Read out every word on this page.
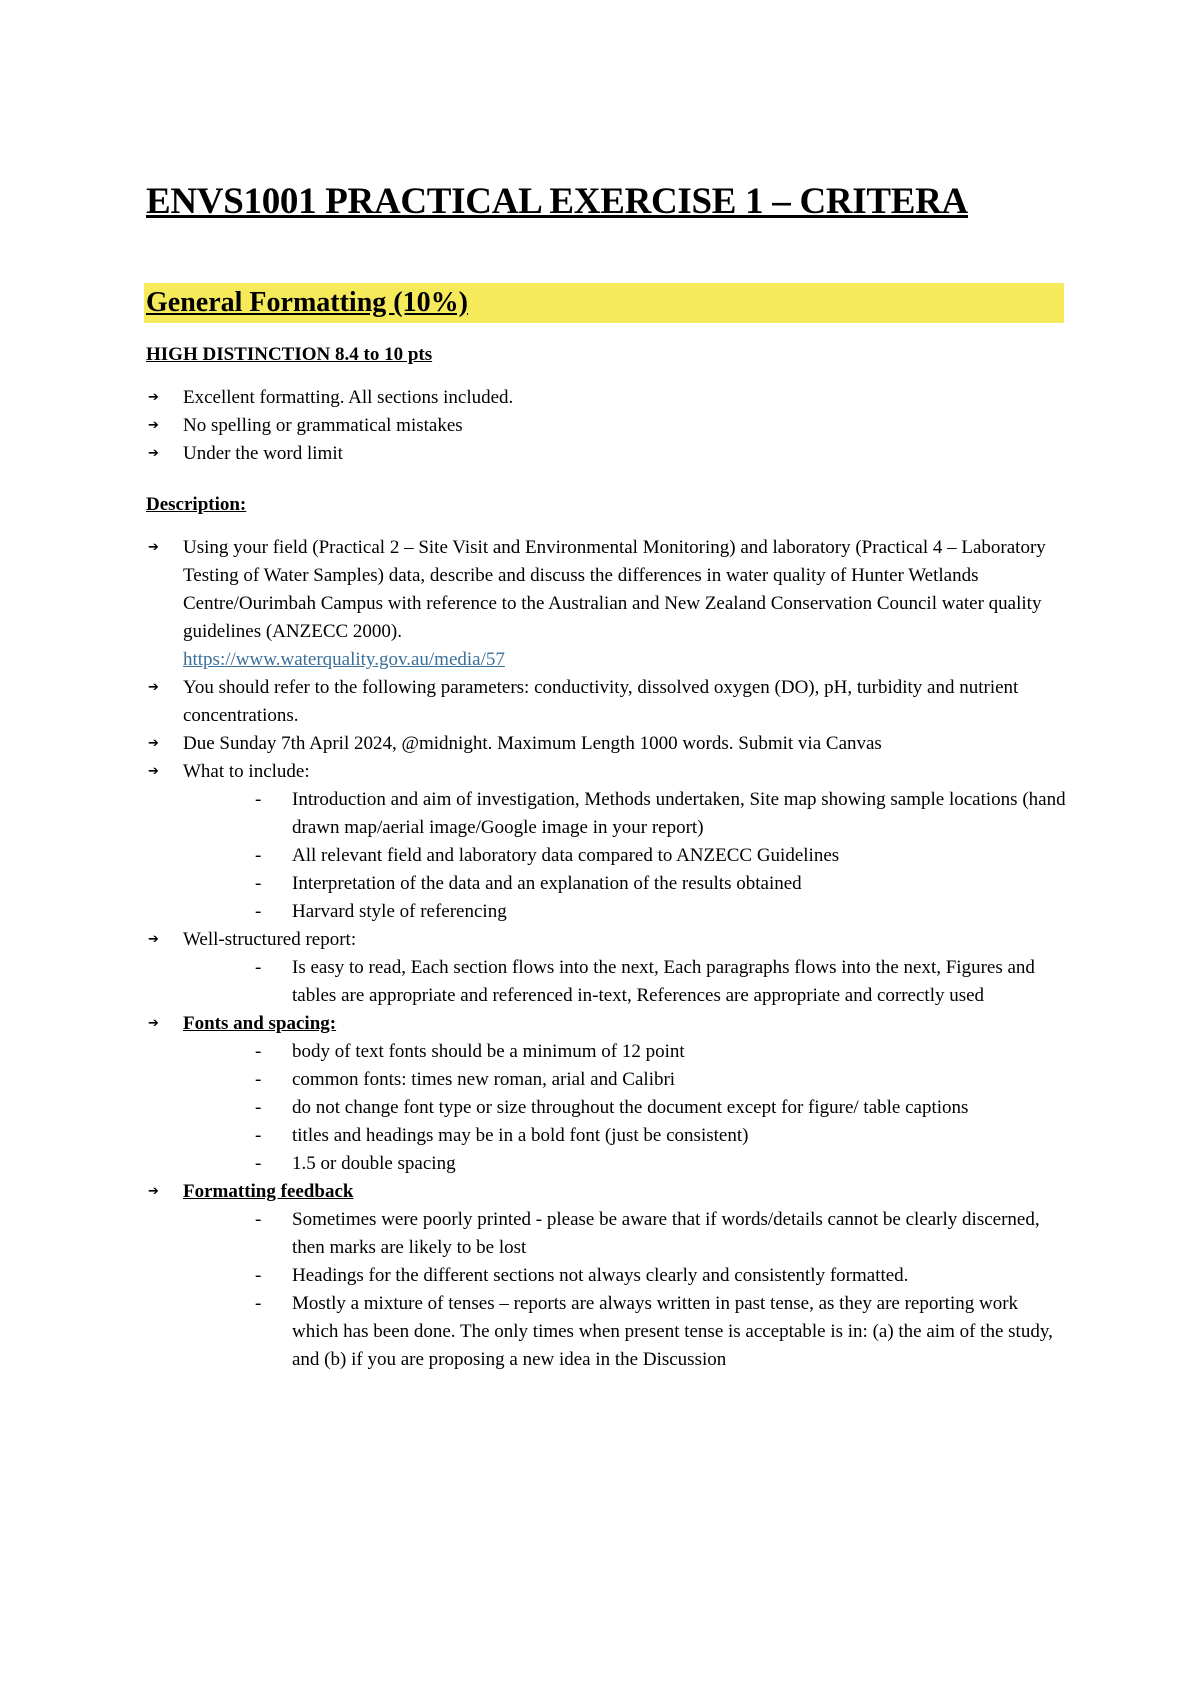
ENVS1001 PRACTICAL EXERCISE 1 – CRITERA
General Formatting (10%)
HIGH DISTINCTION 8.4 to 10 pts
➔ Excellent formatting. All sections included.
➔ No spelling or grammatical mistakes
➔ Under the word limit
Description:
➔ Using your field (Practical 2 – Site Visit and Environmental Monitoring) and laboratory (Practical 4 – Laboratory Testing of Water Samples) data, describe and discuss the differences in water quality of Hunter Wetlands Centre/Ourimbah Campus with reference to the Australian and New Zealand Conservation Council water quality guidelines (ANZECC 2000).
https://www.waterquality.gov.au/media/57
➔ You should refer to the following parameters: conductivity, dissolved oxygen (DO), pH, turbidity and nutrient concentrations.
➔ Due Sunday 7th April 2024, @midnight. Maximum Length 1000 words. Submit via Canvas
➔ What to include:
- Introduction and aim of investigation, Methods undertaken, Site map showing sample locations (hand drawn map/aerial image/Google image in your report)
- All relevant field and laboratory data compared to ANZECC Guidelines
- Interpretation of the data and an explanation of the results obtained
- Harvard style of referencing
➔ Well-structured report:
- Is easy to read, Each section flows into the next, Each paragraphs flows into the next, Figures and tables are appropriate and referenced in-text, References are appropriate and correctly used
➔ Fonts and spacing:
- body of text fonts should be a minimum of 12 point
- common fonts: times new roman, arial and Calibri
- do not change font type or size throughout the document except for figure/ table captions
- titles and headings may be in a bold font (just be consistent)
- 1.5 or double spacing
➔ Formatting feedback
- Sometimes were poorly printed - please be aware that if words/details cannot be clearly discerned, then marks are likely to be lost
- Headings for the different sections not always clearly and consistently formatted.
- Mostly a mixture of tenses – reports are always written in past tense, as they are reporting work which has been done. The only times when present tense is acceptable is in: (a) the aim of the study, and (b) if you are proposing a new idea in the Discussion
